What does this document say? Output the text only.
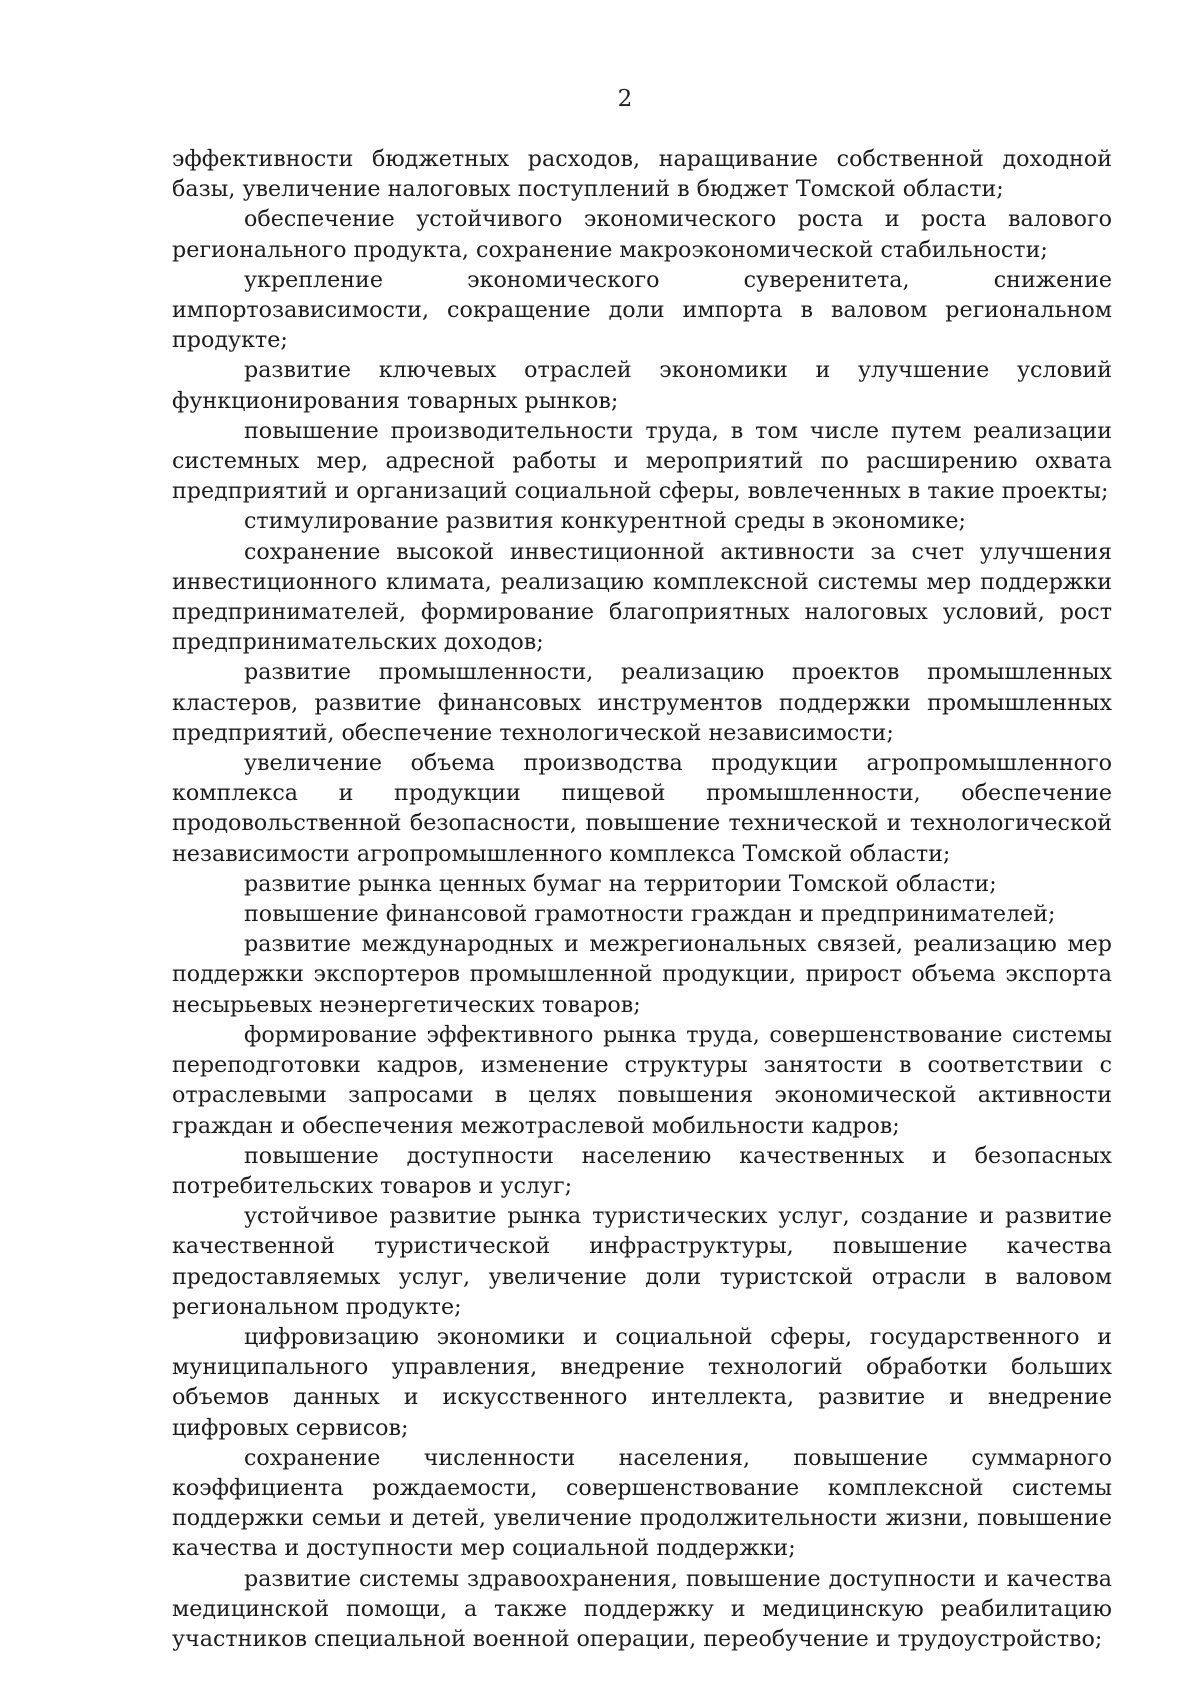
2

эффективности бюджетных расходов, наращивание собственной доходной базы, увеличение налоговых поступлений в бюджет Томской области;

обеспечение устойчивого экономического роста и роста валового регионального продукта, сохранение макроэкономической стабильности;

укрепление экономического суверенитета, снижение импортозависимости, сокращение доли импорта в валовом региональном продукте;

развитие ключевых отраслей экономики и улучшение условий функционирования товарных рынков;

повышение производительности труда, в том числе путем реализации системных мер, адресной работы и мероприятий по расширению охвата предприятий и организаций социальной сферы, вовлеченных в такие проекты;

стимулирование развития конкурентной среды в экономике;

сохранение высокой инвестиционной активности за счет улучшения инвестиционного климата, реализацию комплексной системы мер поддержки предпринимателей, формирование благоприятных налоговых условий, рост предпринимательских доходов;

развитие промышленности, реализацию проектов промышленных кластеров, развитие финансовых инструментов поддержки промышленных предприятий, обеспечение технологической независимости;

увеличение объема производства продукции агропромышленного комплекса и продукции пищевой промышленности, обеспечение продовольственной безопасности, повышение технической и технологической независимости агропромышленного комплекса Томской области;

развитие рынка ценных бумаг на территории Томской области;

повышение финансовой грамотности граждан и предпринимателей;

развитие международных и межрегиональных связей, реализацию мер поддержки экспортеров промышленной продукции, прирост объема экспорта несырьевых неэнергетических товаров;

формирование эффективного рынка труда, совершенствование системы переподготовки кадров, изменение структуры занятости в соответствии с отраслевыми запросами в целях повышения экономической активности граждан и обеспечения межотраслевой мобильности кадров;

повышение доступности населению качественных и безопасных потребительских товаров и услуг;

устойчивое развитие рынка туристических услуг, создание и развитие качественной туристической инфраструктуры, повышение качества предоставляемых услуг, увеличение доли туристской отрасли в валовом региональном продукте;

цифровизацию экономики и социальной сферы, государственного и муниципального управления, внедрение технологий обработки больших объемов данных и искусственного интеллекта, развитие и внедрение цифровых сервисов;

сохранение численности населения, повышение суммарного коэффициента рождаемости, совершенствование комплексной системы поддержки семьи и детей, увеличение продолжительности жизни, повышение качества и доступности мер социальной поддержки;

развитие системы здравоохранения, повышение доступности и качества медицинской помощи, а также поддержку и медицинскую реабилитацию участников специальной военной операции, переобучение и трудоустройство;
